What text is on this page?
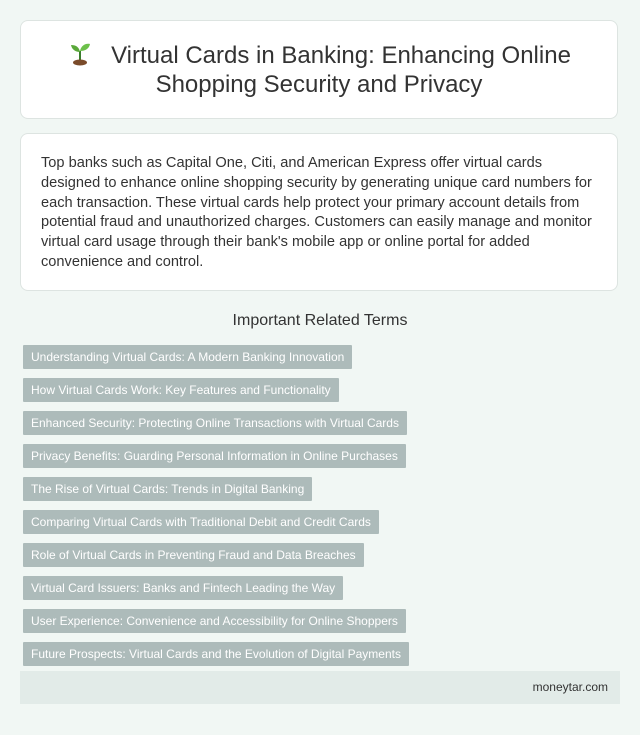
Virtual Cards in Banking: Enhancing Online Shopping Security and Privacy

Top banks such as Capital One, Citi, and American Express offer virtual cards designed to enhance online shopping security by generating unique card numbers for each transaction. These virtual cards help protect your primary account details from potential fraud and unauthorized charges. Customers can easily manage and monitor virtual card usage through their bank's mobile app or online portal for added convenience and control.

Important Related Terms
Understanding Virtual Cards: A Modern Banking Innovation
How Virtual Cards Work: Key Features and Functionality
Enhanced Security: Protecting Online Transactions with Virtual Cards
Privacy Benefits: Guarding Personal Information in Online Purchases
The Rise of Virtual Cards: Trends in Digital Banking
Comparing Virtual Cards with Traditional Debit and Credit Cards
Role of Virtual Cards in Preventing Fraud and Data Breaches
Virtual Card Issuers: Banks and Fintech Leading the Way
User Experience: Convenience and Accessibility for Online Shoppers
Future Prospects: Virtual Cards and the Evolution of Digital Payments
moneytar.com
